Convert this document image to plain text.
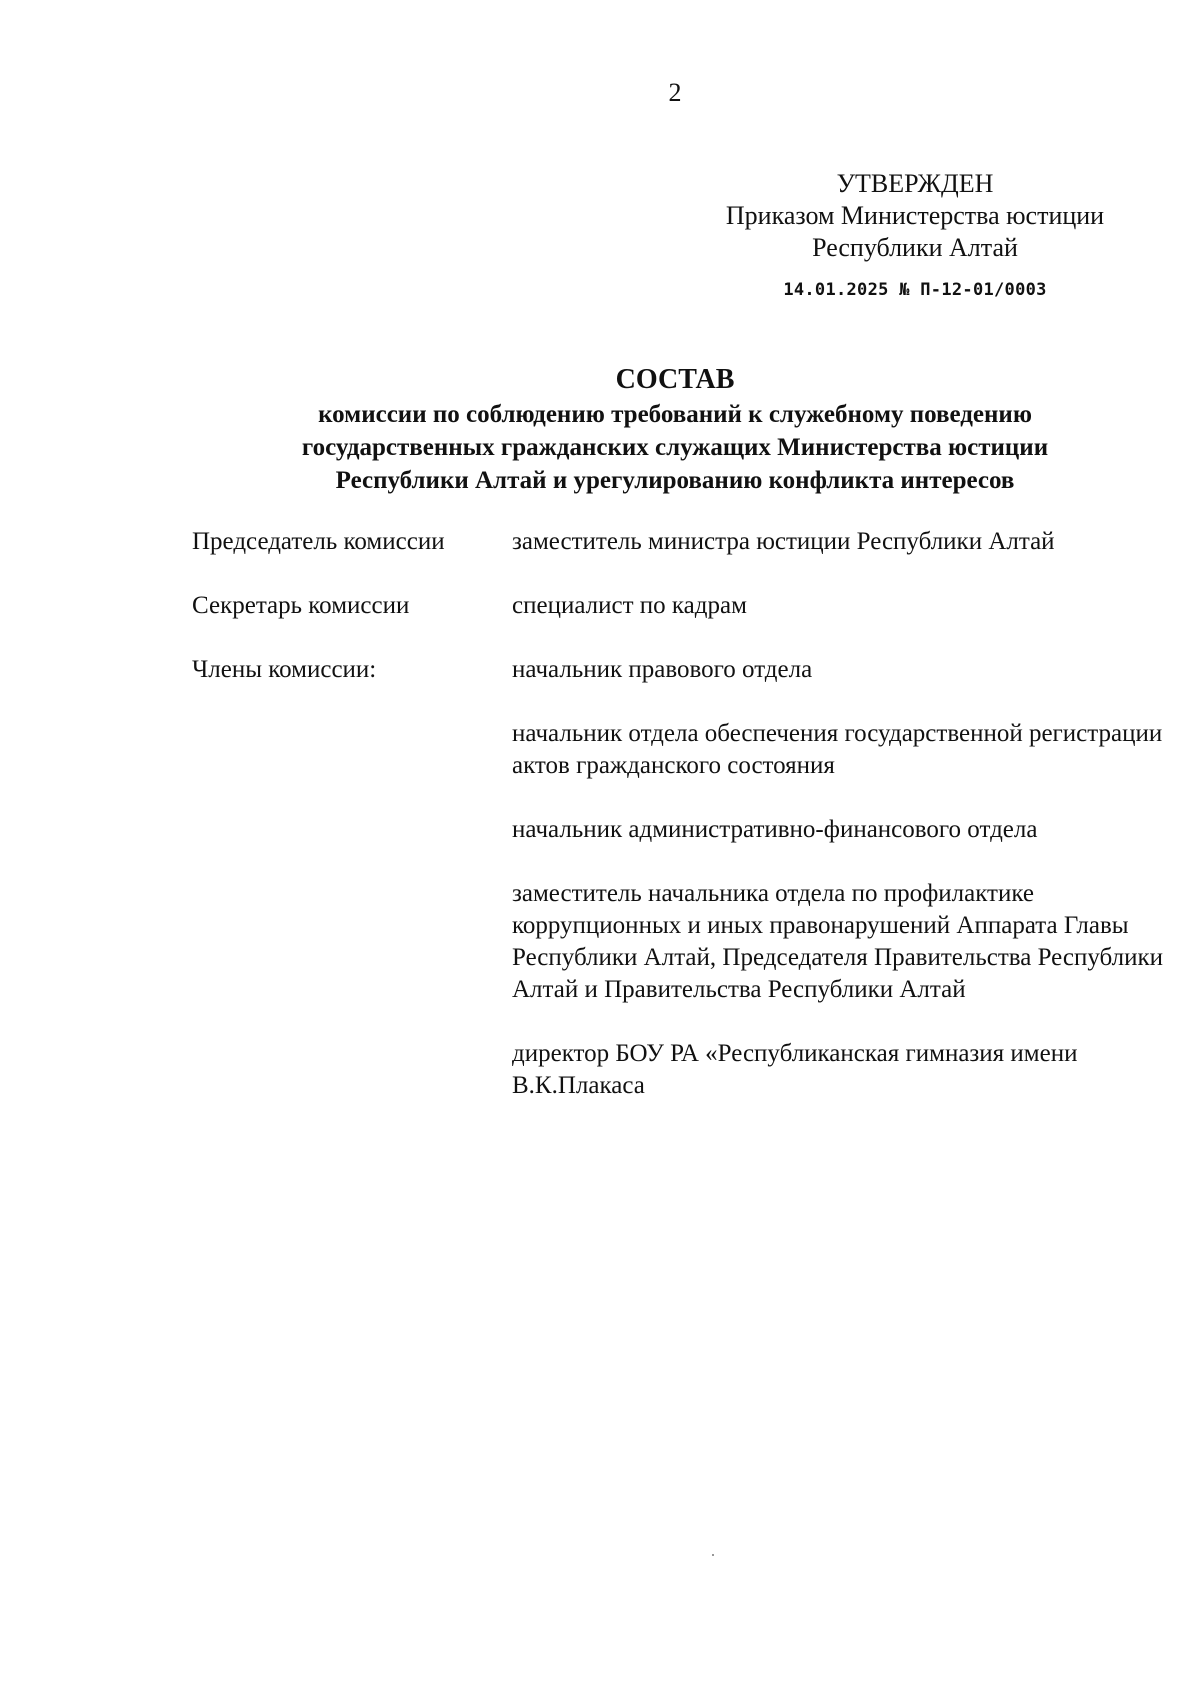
2
УТВЕРЖДЕН
Приказом Министерства юстиции
Республики Алтай
14.01.2025 № П-12-01/0003
СОСТАВ
комиссии по соблюдению требований к служебному поведению
государственных гражданских служащих Министерства юстиции
Республики Алтай и урегулированию конфликта интересов
Председатель комиссии	заместитель министра юстиции Республики Алтай
Секретарь комиссии	специалист по кадрам
Члены комиссии:	начальник правового отдела
начальник отдела обеспечения государственной регистрации актов гражданского состояния
начальник административно-финансового отдела
заместитель начальника отдела по профилактике коррупционных и иных правонарушений Аппарата Главы Республики Алтай, Председателя Правительства Республики Алтай и Правительства Республики Алтай
директор БОУ РА «Республиканская гимназия имени В.К.Плакаса
